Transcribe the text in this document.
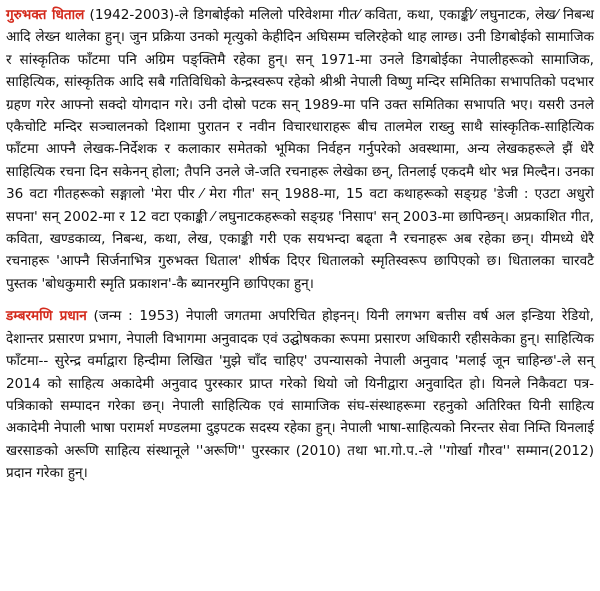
गुरुभक्त धिताल (1942-2003)-ले डिगबोईको मलिलो परिवेशमा गीत⁄ कविता, कथा, एकाङ्की⁄ लघुनाटक, लेख⁄ निबन्ध आदि लेख्न थालेका हुन्‌। जुन प्रक्रिया उनको मृत्युको केहीदिन अघिसम्म चलिरहेको थाह लाग्छ। उनी डिगबोईको सामाजिक र सांस्कृतिक फाँटमा पनि अग्रिम पङ्क्तिमै रहेका हुन्‌। सन्‌ 1971-मा उनले डिगबोईका नेपालीहरूको सामाजिक, साहित्यिक, सांस्कृतिक आदि सबै गतिविधिको केन्द्रस्वरूप रहेको श्रीश्री नेपाली विष्णु मन्दिर समितिका सभापतिको पदभार ग्रहण गरेर आफ्नो सक्दो योगदान गरे। उनी दोस्रो पटक सन्‌ 1989-मा पनि उक्त समितिका सभापति भए। यसरी उनले एकैचोटि मन्दिर सञ्चालनको दिशामा पुरातन र नवीन विचारधाराहरू बीच तालमेल राख्नु साथै सांस्कृतिक-साहित्यिक फाँटमा आफ्नै लेखक-निर्देशक र कलाकार समेतको भूमिका निर्वहन गर्नुपरेको अवस्थामा, अन्य लेखकहरूले झैं धेरै साहित्यिक रचना दिन सकेनन्‌ होला; तैपनि उनले जे-जति रचनाहरू लेखेका छन्‌, तिनलाई एकदमै थोर भन्न मिल्दैन। उनका 36 वटा गीतहरूको सङ्गालो 'मेरा पीर ⁄ मेरा गीत' सन्‌ 1988-मा, 15 वटा कथाहरूको सङ्ग्रह 'डेजी : एउटा अधुरो सपना' सन्‌ 2002-मा र 12 वटा एकाङ्की ⁄ लघुनाटकहरूको सङ्ग्रह 'निसाप' सन्‌ 2003-मा छापिन्छन्‌। अप्रकाशित गीत, कविता, खण्डकाव्य, निबन्ध, कथा, लेख, एकाङ्की गरी एक सयभन्दा बढ्ता नै रचनाहरू अब रहेका छन्‌। यीमध्ये धेरै रचनाहरू 'आफ्नै सिर्जनाभित्र गुरुभक्त धिताल' शीर्षक दिएर धितालको स्मृतिस्वरूप छापिएको छ। धितालका चारवटै पुस्तक 'बोधकुमारी स्मृति प्रकाशन'-कै ब्यानरमुनि छापिएका हुन्‌।

डम्बरमणि प्रधान (जन्म : 1953) नेपाली जगतमा अपरिचित होइनन्‌। यिनी लगभग बत्तीस वर्ष अल इन्डिया रेडियो, देशान्तर प्रसारण प्रभाग, नेपाली विभागमा अनुवादक एवं उद्घोषकका रूपमा प्रसारण अधिकारी रहीसकेका हुन्‌। साहित्यिक फाँटमा-- सुरेन्द्र वर्माद्वारा हिन्दीमा लिखित 'मुझे चाँद चाहिए' उपन्यासको नेपाली अनुवाद 'मलाई जून चाहिन्छ'-ले सन्‌ 2014 को साहित्य अकादेमी अनुवाद पुरस्कार प्राप्त गरेको थियो जो यिनीद्वारा अनुवादित हो। यिनले निकैवटा पत्र-पत्रिकाको सम्पादन गरेका छन्‌। नेपाली साहित्यिक एवं सामाजिक संघ-संस्थाहरूमा रहनुको अतिरिक्त यिनी साहित्य अकादेमी नेपाली भाषा परामर्श मण्डलमा दुइपटक सदस्य रहेका हुन्‌। नेपाली भाषा-साहित्यको निरन्तर सेवा निम्ति यिनलाई खरसाङको अरूणि साहित्य संस्थानूले ''अरूणि'' पुरस्कार (2010) तथा भा.गो.प.-ले ''गोर्खा गौरव'' सम्मान(2012) प्रदान गरेका हुन्‌।
